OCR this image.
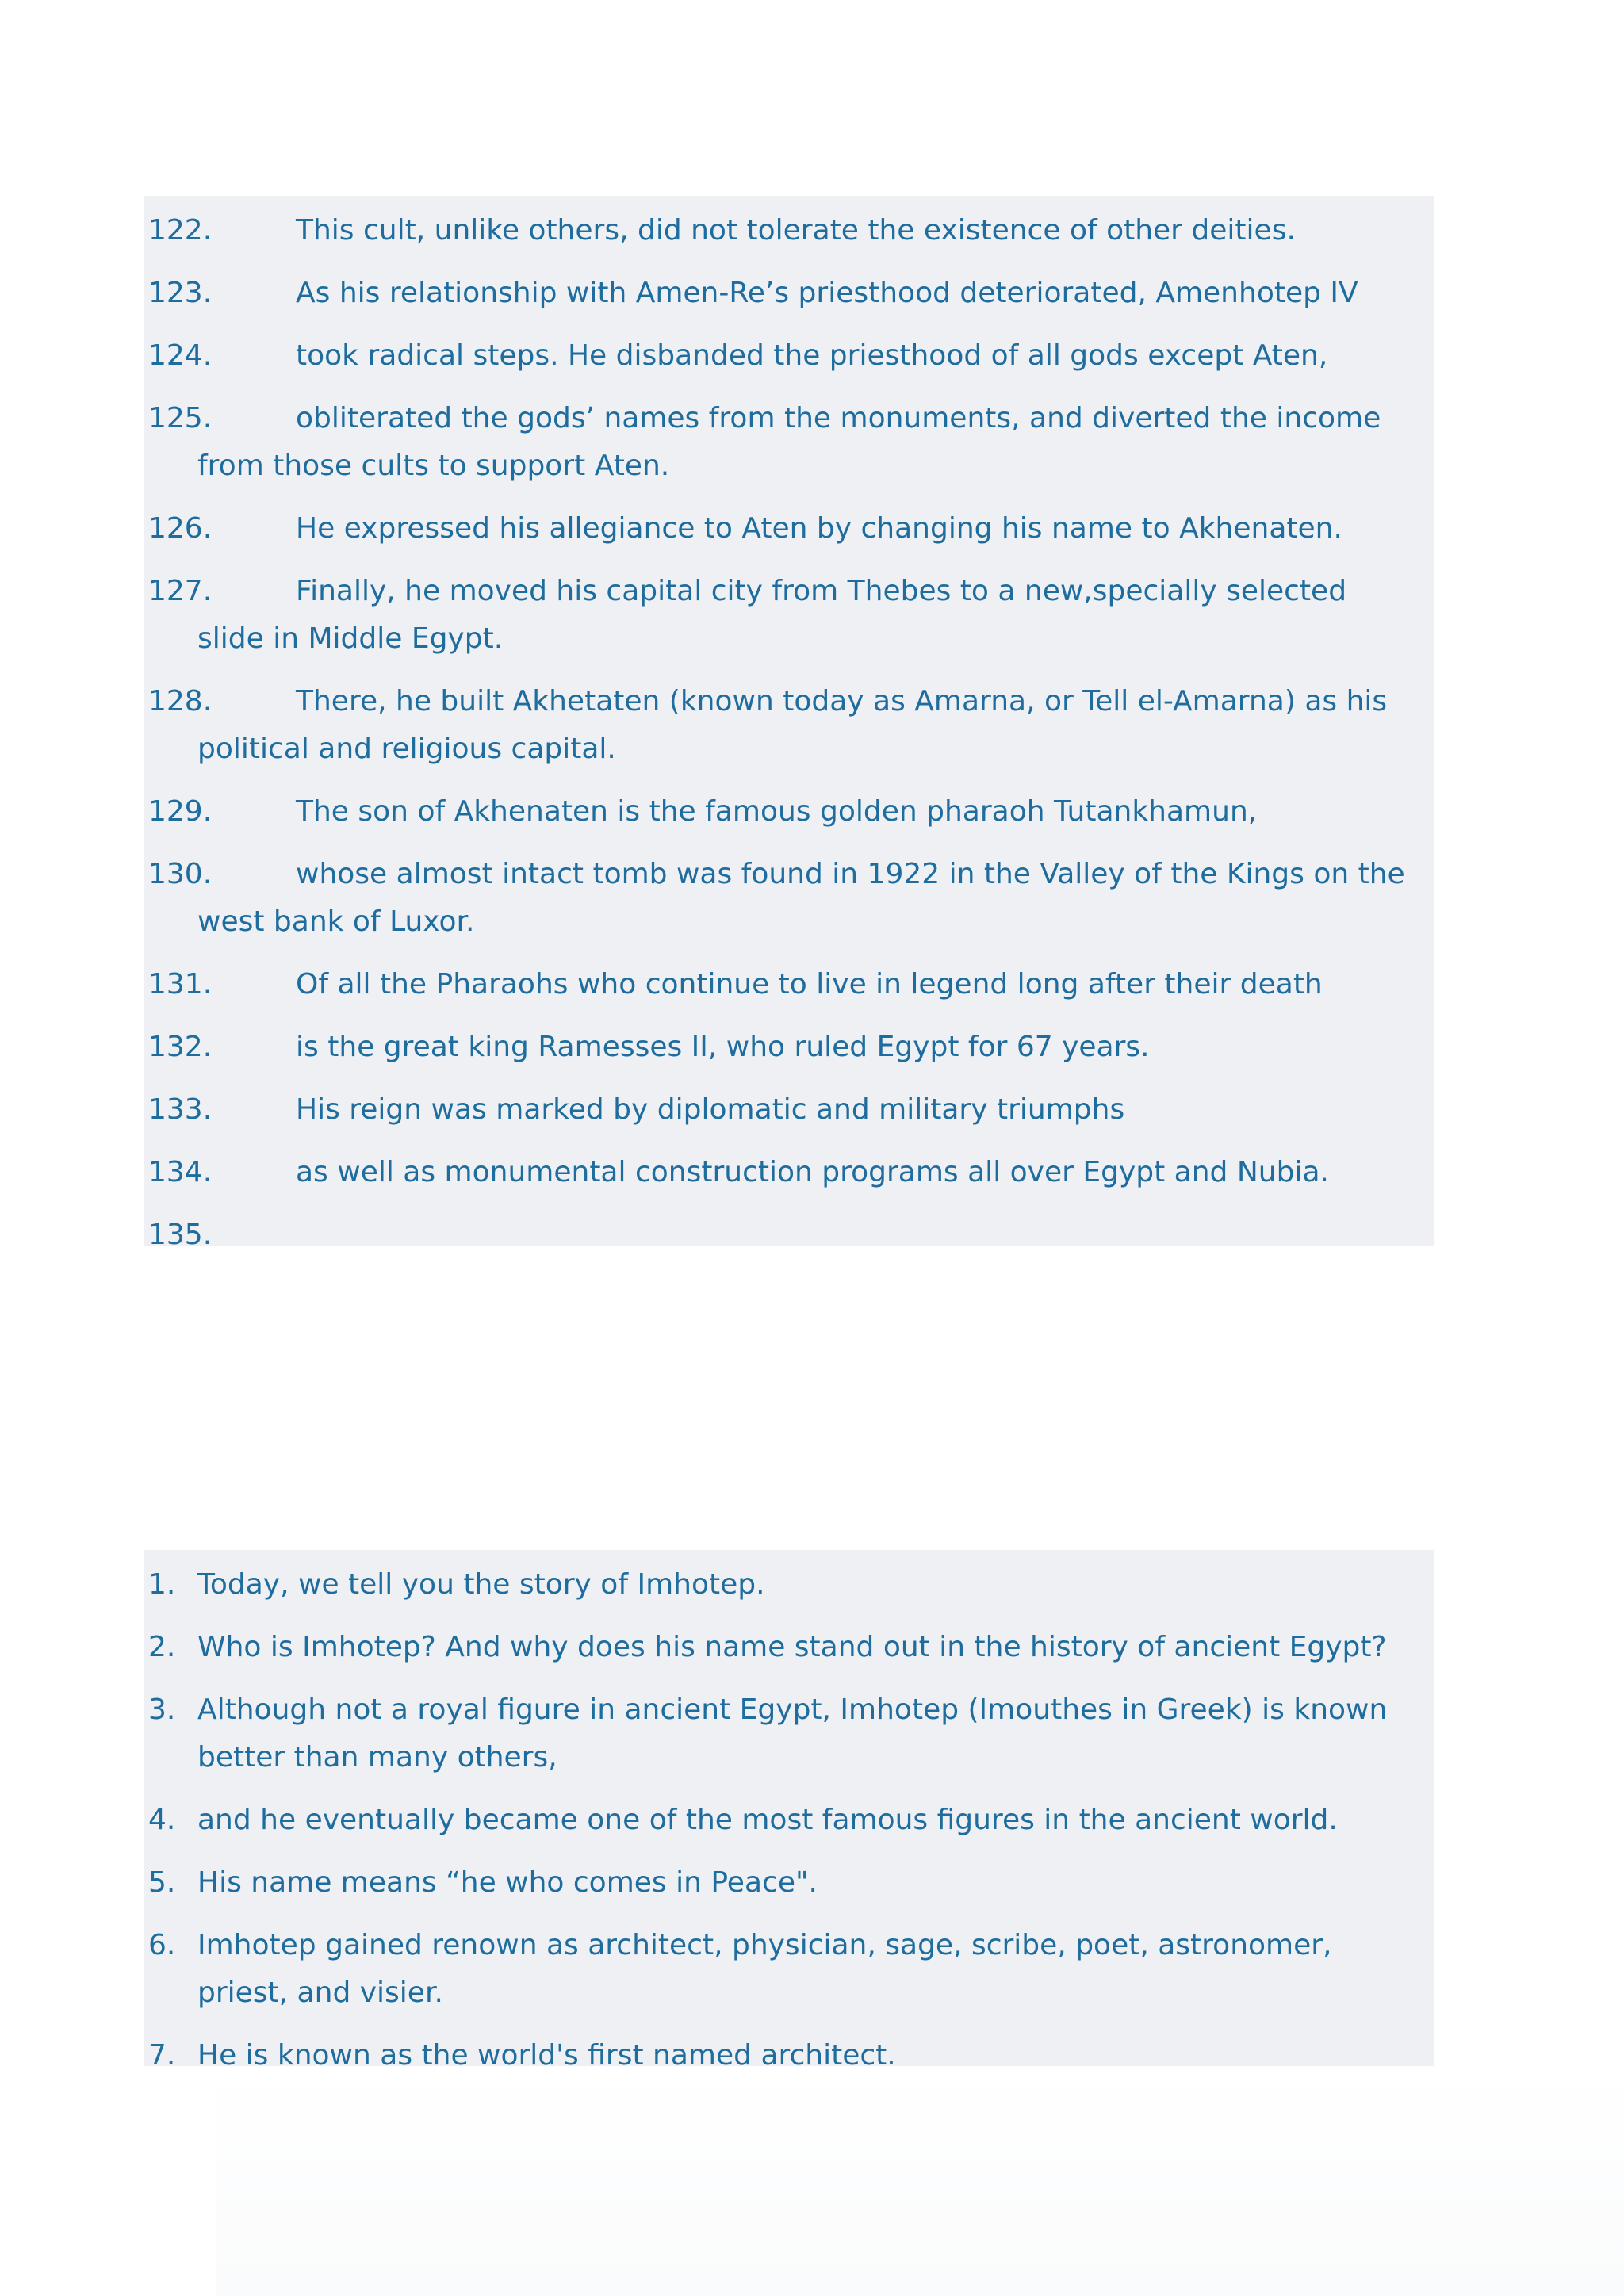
122.	This cult, unlike others, did not tolerate the existence of other deities.
123.	As his relationship with Amen-Re’s priesthood deteriorated, Amenhotep IV
124.	took radical steps. He disbanded the priesthood of all gods except Aten,
125.	obliterated the gods’ names from the monuments, and diverted the income
from those cults to support Aten.
126.	He expressed his allegiance to Aten by changing his name to Akhenaten.
127.	Finally, he moved his capital city from Thebes to a new,specially selected
slide in Middle Egypt.
128.	There, he built Akhetaten (known today as Amarna, or Tell el-Amarna) as his
political and religious capital.
129.	The son of Akhenaten is the famous golden pharaoh Tutankhamun,
130.	whose almost intact tomb was found in 1922 in the Valley of the Kings on the
west bank of Luxor.
131.	Of all the Pharaohs who continue to live in legend long after their death
132.	is the great king Ramesses II, who ruled Egypt for 67 years.
133.	His reign was marked by diplomatic and military triumphs
134.	as well as monumental construction programs all over Egypt and Nubia.
135.
1. Today, we tell you the story of Imhotep.
2. Who is Imhotep? And why does his name stand out in the history of ancient Egypt?
3. Although not a royal figure in ancient Egypt, Imhotep (Imouthes in Greek) is known
better than many others,
4. and he eventually became one of the most famous figures in the ancient world.
5. His name means “he who comes in Peace".
6. Imhotep gained renown as architect, physician, sage, scribe, poet, astronomer,
priest, and visier.
7. He is known as the world's first named architect.
